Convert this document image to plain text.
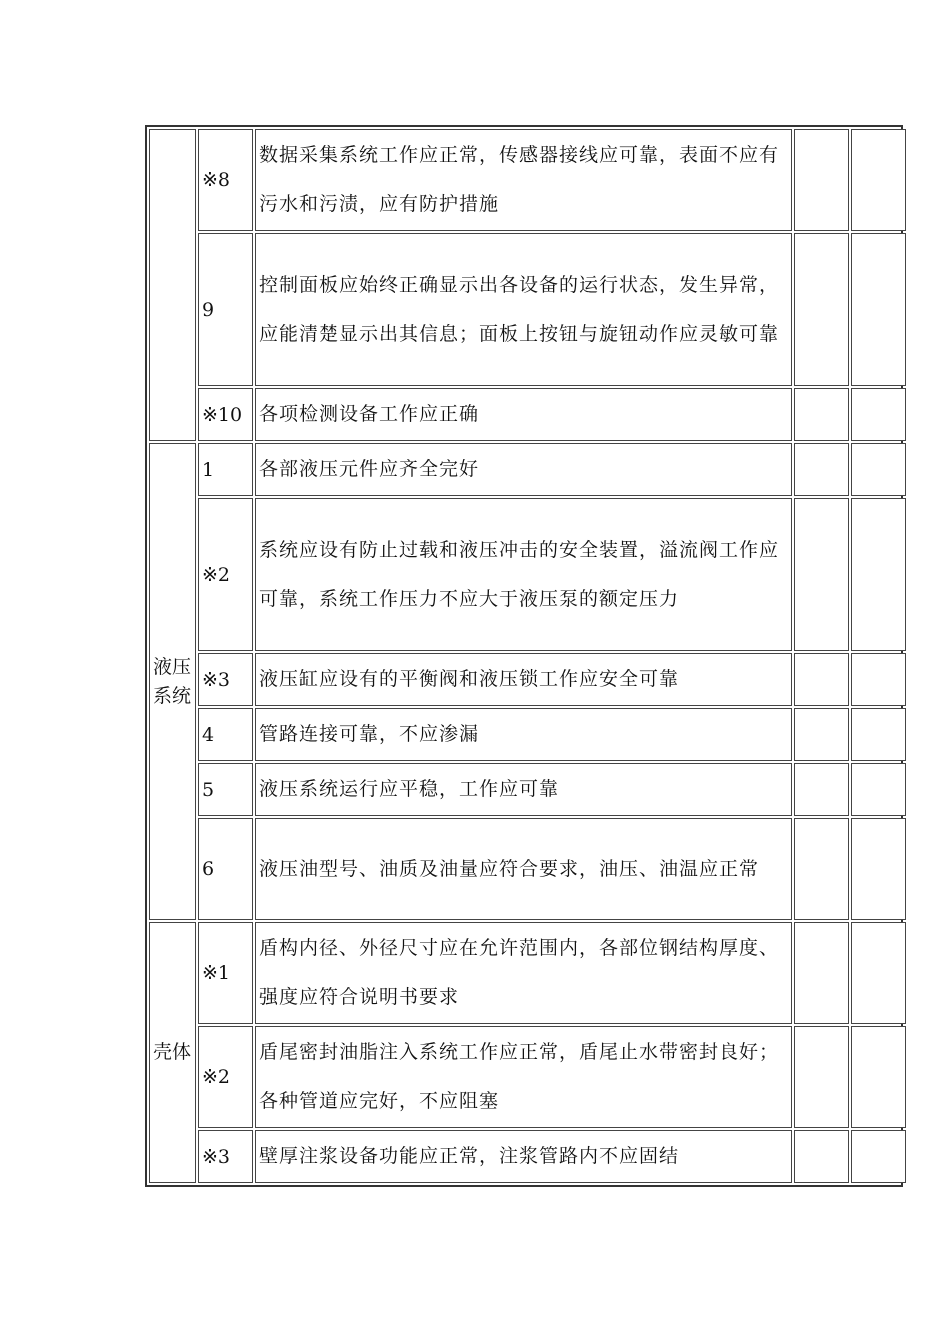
	※8	数据采集系统工作应正常，传感器接线应可靠，表面不应有污水和污渍，应有防护措施		
	9	控制面板应始终正确显示出各设备的运行状态，发生异常，应能清楚显示出其信息；面板上按钮与旋钮动作应灵敏可靠		
	※10	各项检测设备工作应正确		
液压系统	1	各部液压元件应齐全完好		
	※2	系统应设有防止过载和液压冲击的安全装置，溢流阀工作应可靠，系统工作压力不应大于液压泵的额定压力		
	※3	液压缸应设有的平衡阀和液压锁工作应安全可靠		
	4	管路连接可靠，不应渗漏		
	5	液压系统运行应平稳，工作应可靠		
	6	液压油型号、油质及油量应符合要求，油压、油温应正常		
壳体	※1	盾构内径、外径尺寸应在允许范围内，各部位钢结构厚度、强度应符合说明书要求		
	※2	盾尾密封油脂注入系统工作应正常，盾尾止水带密封良好；各种管道应完好，不应阻塞		
	※3	壁厚注浆设备功能应正常，注浆管路内不应固结		
